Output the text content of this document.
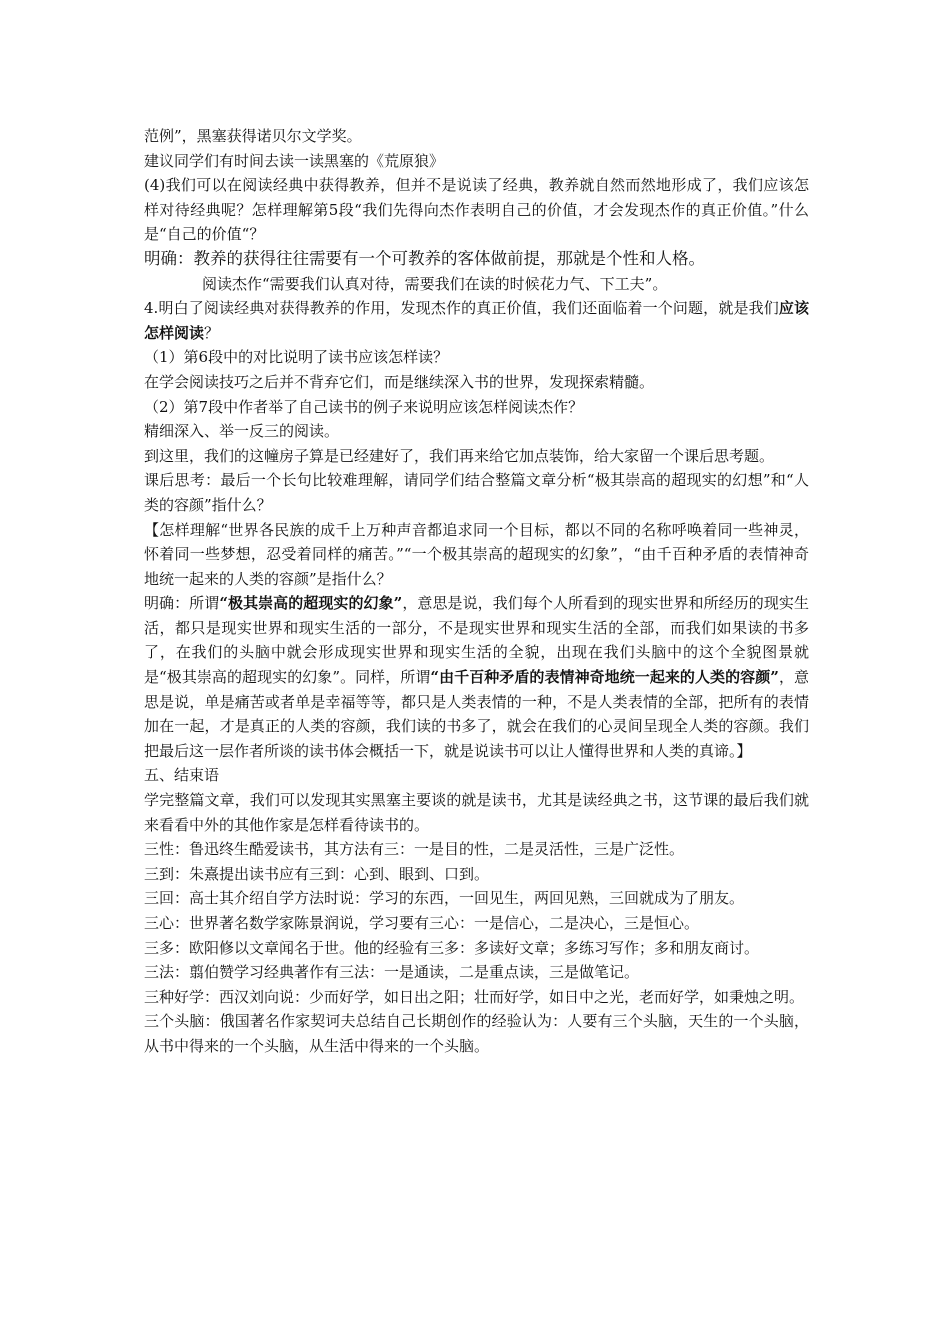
范例”，黑塞获得诺贝尔文学奖。

建议同学们有时间去读一读黑塞的《荒原狼》

(4)我们可以在阅读经典中获得教养，但并不是说读了经典，教养就自然而然地形成了，我们应该怎样对待经典呢？怎样理解第5段“我们先得向杰作表明自己的价值，才会发现杰作的真正价值。”什么是“自己的价值“？

明确：教养的获得往往需要有一个可教养的客体做前提，那就是个性和人格。

阅读杰作“需要我们认真对待，需要我们在读的时候花力气、下工夫”。

4.明白了阅读经典对获得教养的作用，发现杰作的真正价值，我们还面临着一个问题，就是我们应该怎样阅读？

（1）第6段中的对比说明了读书应该怎样读？

在学会阅读技巧之后并不背弃它们，而是继续深入书的世界，发现探索精髓。

（2）第7段中作者举了自己读书的例子来说明应该怎样阅读杰作？

精细深入、举一反三的阅读。

到这里，我们的这幢房子算是已经建好了，我们再来给它加点装饰，给大家留一个课后思考题。

课后思考：最后一个长句比较难理解，请同学们结合整篇文章分析“极其崇高的超现实的幻想”和“人类的容颜”指什么？

【怎样理解“世界各民族的成千上万种声音都追求同一个目标，都以不同的名称呼唤着同一些神灵，怀着同一些梦想，忍受着同样的痛苦。”“一个极其崇高的超现实的幻象”，“由千百种矛盾的表情神奇地统一起来的人类的容颜”是指什么？

明确：所谓“极其崇高的超现实的幻象”，意思是说，我们每个人所看到的现实世界和所经历的现实生活，都只是现实世界和现实生活的一部分，不是现实世界和现实生活的全部，而我们如果读的书多了，在我们的头脑中就会形成现实世界和现实生活的全貌，出现在我们头脑中的这个全貌图景就是“极其崇高的超现实的幻象”。同样，所谓“由千百种矛盾的表情神奇地统一起来的人类的容颜”，意思是说，单是痛苦或者单是幸福等等，都只是人类表情的一种，不是人类表情的全部，把所有的表情加在一起，才是真正的人类的容颜，我们读的书多了，就会在我们的心灵间呈现全人类的容颜。我们把最后这一层作者所谈的读书体会概括一下，就是说读书可以让人懂得世界和人类的真谛。】

五、结束语

学完整篇文章，我们可以发现其实黑塞主要谈的就是读书，尤其是读经典之书，这节课的最后我们就来看看中外的其他作家是怎样看待读书的。

三性：鲁迅终生酷爱读书，其方法有三：一是目的性，二是灵活性，三是广泛性。

三到：朱熹提出读书应有三到：心到、眼到、口到。

三回：高士其介绍自学方法时说：学习的东西，一回见生，两回见熟，三回就成为了朋友。

三心：世界著名数学家陈景润说，学习要有三心：一是信心，二是决心，三是恒心。

三多：欧阳修以文章闻名于世。他的经验有三多：多读好文章；多练习写作；多和朋友商讨。

三法：翦伯赞学习经典著作有三法：一是通读，二是重点读，三是做笔记。

三种好学：西汉刘向说：少而好学，如日出之阳；壮而好学，如日中之光，老而好学，如秉烛之明。

三个头脑：俄国著名作家契诃夫总结自己长期创作的经验认为：人要有三个头脑，天生的一个头脑，从书中得来的一个头脑，从生活中得来的一个头脑。
